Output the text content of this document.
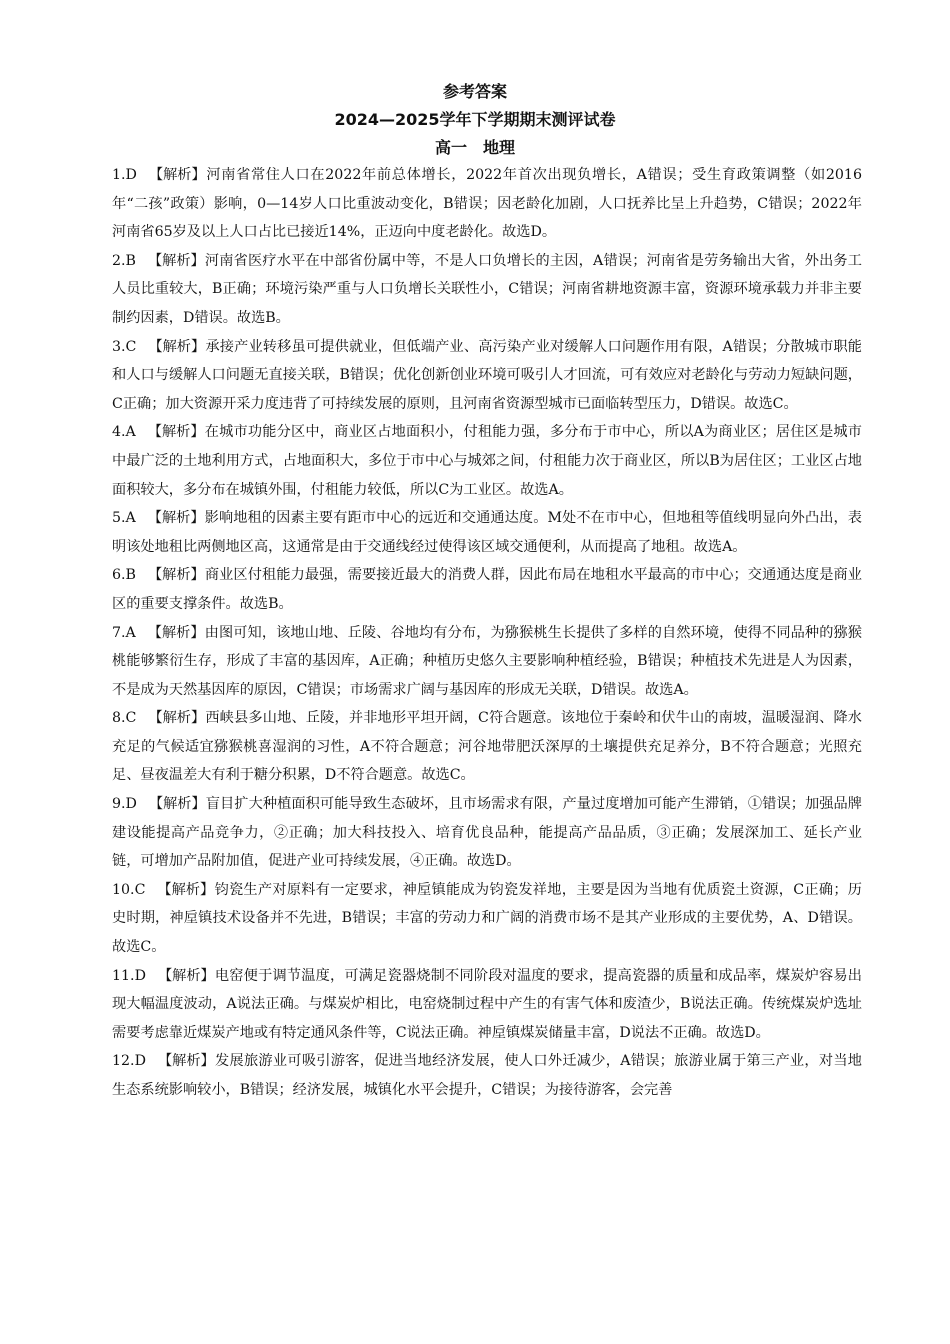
参考答案
2024—2025学年下学期期末测评试卷
高一　地理
1.D 【解析】河南省常住人口在2022年前总体增长，2022年首次出现负增长，A错误；受生育政策调整（如2016年“二孩”政策）影响，0—14岁人口比重波动变化，B错误；因老龄化加剧，人口抚养比呈上升趋势，C错误；2022年河南省65岁及以上人口占比已接近14%，正迈向中度老龄化。故选D。
2.B 【解析】河南省医疗水平在中部省份属中等，不是人口负增长的主因，A错误；河南省是劳务输出大省，外出务工人员比重较大，B正确；环境污染严重与人口负增长关联性小，C错误；河南省耕地资源丰富，资源环境承载力并非主要制约因素，D错误。故选B。
3.C 【解析】承接产业转移虽可提供就业，但低端产业、高污染产业对缓解人口问题作用有限，A错误；分散城市职能和人口与缓解人口问题无直接关联，B错误；优化创新创业环境可吸引人才回流，可有效应对老龄化与劳动力短缺问题，C正确；加大资源开采力度违背了可持续发展的原则，且河南省资源型城市已面临转型压力，D错误。故选C。
4.A 【解析】在城市功能分区中，商业区占地面积小，付租能力强，多分布于市中心，所以A为商业区；居住区是城市中最广泛的土地利用方式，占地面积大，多位于市中心与城郊之间，付租能力次于商业区，所以B为居住区；工业区占地面积较大，多分布在城镇外围，付租能力较低，所以C为工业区。故选A。
5.A 【解析】影响地租的因素主要有距市中心的远近和交通通达度。M处不在市中心，但地租等值线明显向外凸出，表明该处地租比两侧地区高，这通常是由于交通线经过使得该区域交通便利，从而提高了地租。故选A。
6.B 【解析】商业区付租能力最强，需要接近最大的消费人群，因此布局在地租水平最高的市中心；交通通达度是商业区的重要支撑条件。故选B。
7.A 【解析】由图可知，该地山地、丘陵、谷地均有分布，为猕猴桃生长提供了多样的自然环境，使得不同品种的猕猴桃能够繁衍生存，形成了丰富的基因库，A正确；种植历史悠久主要影响种植经验，B错误；种植技术先进是人为因素，不是成为天然基因库的原因，C错误；市场需求广阔与基因库的形成无关联，D错误。故选A。
8.C 【解析】西峡县多山地、丘陵，并非地形平坦开阔，C符合题意。该地位于秦岭和伏牛山的南坡，温暖湿润、降水充足的气候适宜猕猴桃喜湿润的习性，A不符合题意；河谷地带肥沃深厚的土壤提供充足养分，B不符合题意；光照充足、昼夜温差大有利于糖分积累，D不符合题意。故选C。
9.D 【解析】盲目扩大种植面积可能导致生态破坏，且市场需求有限，产量过度增加可能产生滞销，①错误；加强品牌建设能提高产品竞争力，②正确；加大科技投入、培育优良品种，能提高产品品质，③正确；发展深加工、延长产业链，可增加产品附加值，促进产业可持续发展，④正确。故选D。
10.C 【解析】钧瓷生产对原料有一定要求，神垕镇能成为钧瓷发祥地，主要是因为当地有优质瓷土资源，C正确；历史时期，神垕镇技术设备并不先进，B错误；丰富的劳动力和广阔的消费市场不是其产业形成的主要优势，A、D错误。故选C。
11.D 【解析】电窑便于调节温度，可满足瓷器烧制不同阶段对温度的要求，提高瓷器的质量和成品率，煤炭炉容易出现大幅温度波动，A说法正确。与煤炭炉相比，电窑烧制过程中产生的有害气体和废渣少，B说法正确。传统煤炭炉选址需要考虑靠近煤炭产地或有特定通风条件等，C说法正确。神垕镇煤炭储量丰富，D说法不正确。故选D。
12.D 【解析】发展旅游业可吸引游客，促进当地经济发展，使人口外迁减少，A错误；旅游业属于第三产业，对当地生态系统影响较小，B错误；经济发展，城镇化水平会提升，C错误；为接待游客，会完善
